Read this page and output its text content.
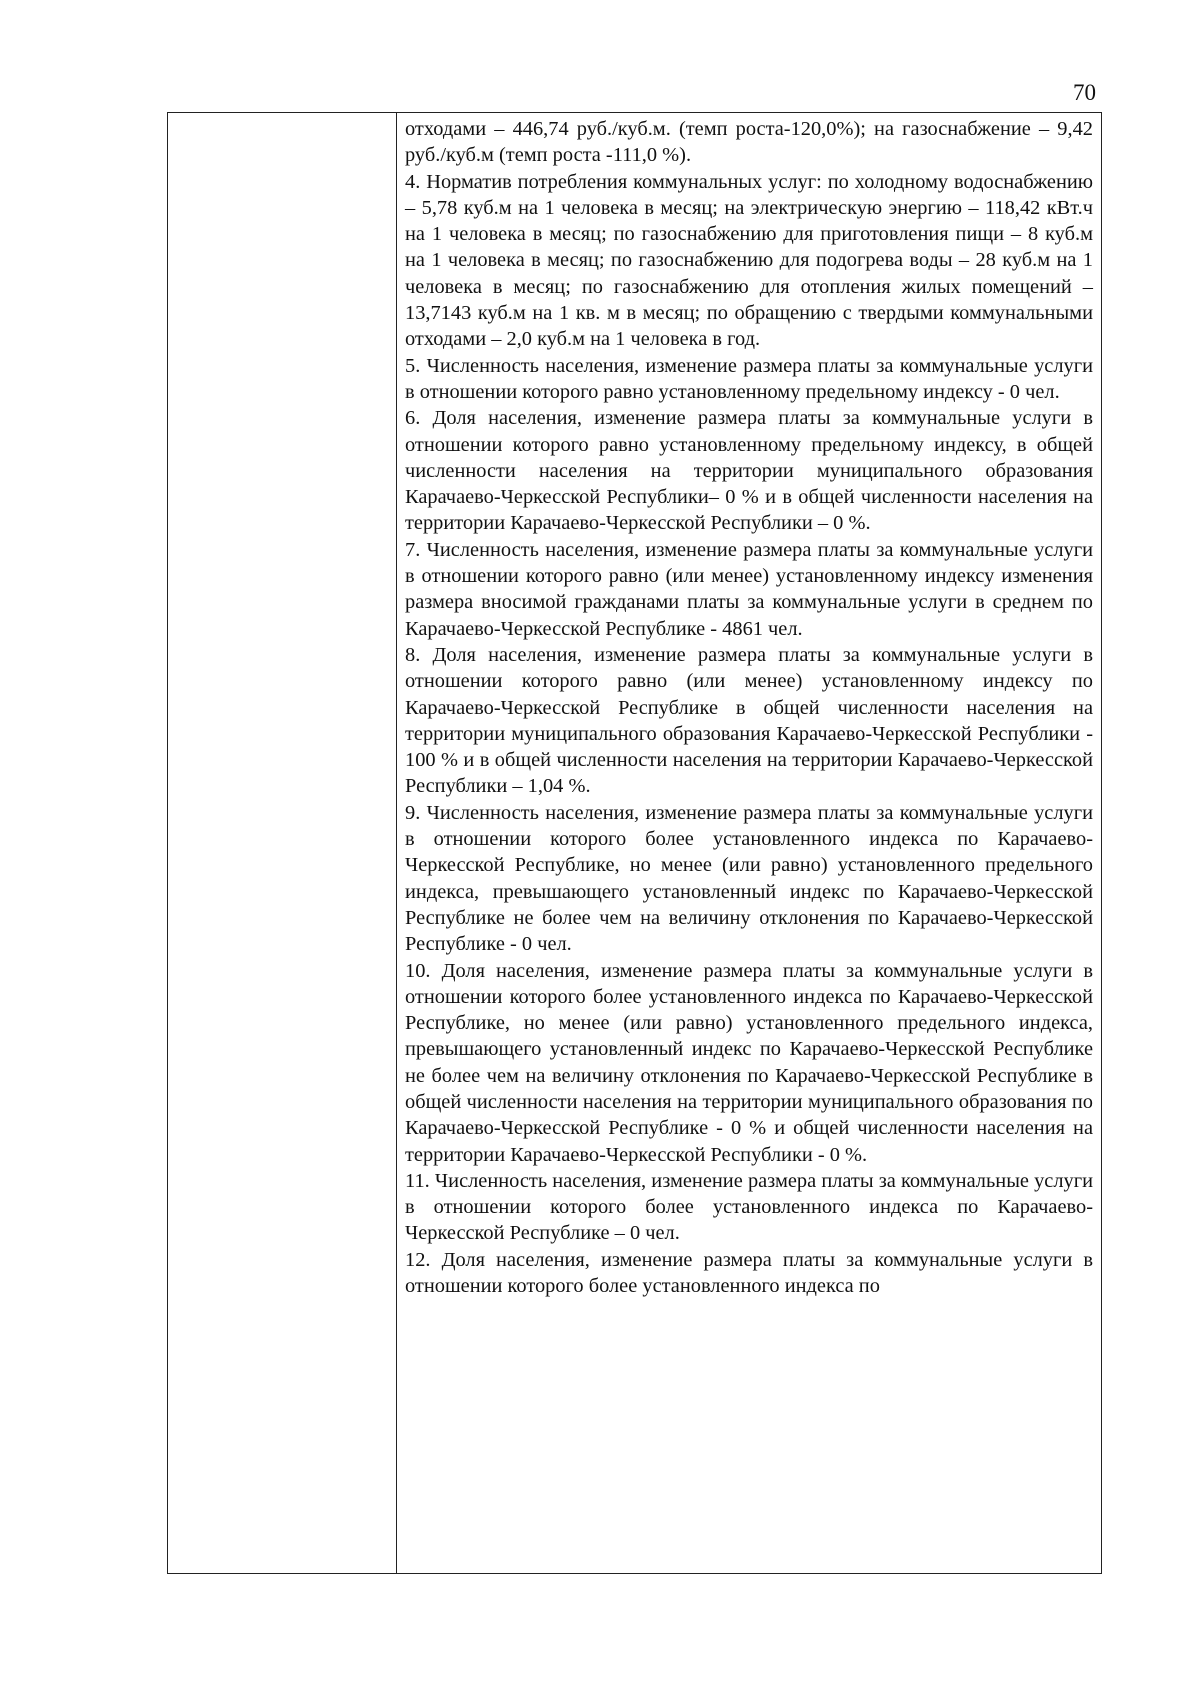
70

отходами – 446,74 руб./куб.м. (темп роста-120,0%); на газоснабжение – 9,42 руб./куб.м (темп роста -111,0 %).

4. Норматив потребления коммунальных услуг: по холодному водоснабжению – 5,78 куб.м на 1 человека в месяц; на электрическую энергию – 118,42 кВт.ч на 1 человека в месяц; по газоснабжению для приготовления пищи – 8 куб.м на 1 человека в месяц; по газоснабжению для подогрева воды – 28 куб.м на 1 человека в месяц; по газоснабжению для отопления жилых помещений – 13,7143 куб.м на 1 кв. м в месяц; по обращению с твердыми коммунальными отходами – 2,0 куб.м на 1 человека в год.

5. Численность населения, изменение размера платы за коммунальные услуги в отношении которого равно установленному предельному индексу - 0 чел.

6. Доля населения, изменение размера платы за коммунальные услуги в отношении которого равно установленному предельному индексу, в общей численности населения на территории муниципального образования Карачаево-Черкесской Республики– 0 % и в общей численности населения на территории Карачаево-Черкесской Республики – 0 %.

7. Численность населения, изменение размера платы за коммунальные услуги в отношении которого равно (или менее) установленному индексу изменения размера вносимой гражданами платы за коммунальные услуги в среднем по Карачаево-Черкесской Республике - 4861 чел.

8. Доля населения, изменение размера платы за коммунальные услуги в отношении которого равно (или менее) установленному индексу по Карачаево-Черкесской Республике в общей численности населения на территории муниципального образования Карачаево-Черкесской Республики - 100 % и в общей численности населения на территории Карачаево-Черкесской Республики – 1,04 %.

9. Численность населения, изменение размера платы за коммунальные услуги в отношении которого более установленного индекса по Карачаево-Черкесской Республике, но менее (или равно) установленного предельного индекса, превышающего установленный индекс по Карачаево-Черкесской Республике не более чем на величину отклонения по Карачаево-Черкесской Республике - 0 чел.

10. Доля населения, изменение размера платы за коммунальные услуги в отношении которого более установленного индекса по Карачаево-Черкесской Республике, но менее (или равно) установленного предельного индекса, превышающего установленный индекс по Карачаево-Черкесской Республике не более чем на величину отклонения по Карачаево-Черкесской Республике в общей численности населения на территории муниципального образования по Карачаево-Черкесской Республике - 0 % и общей численности населения на территории Карачаево-Черкесской Республики - 0 %.

11. Численность населения, изменение размера платы за коммунальные услуги в отношении которого более установленного индекса по Карачаево-Черкесской Республике – 0 чел.

12. Доля населения, изменение размера платы за коммунальные услуги в отношении которого более установленного индекса по
